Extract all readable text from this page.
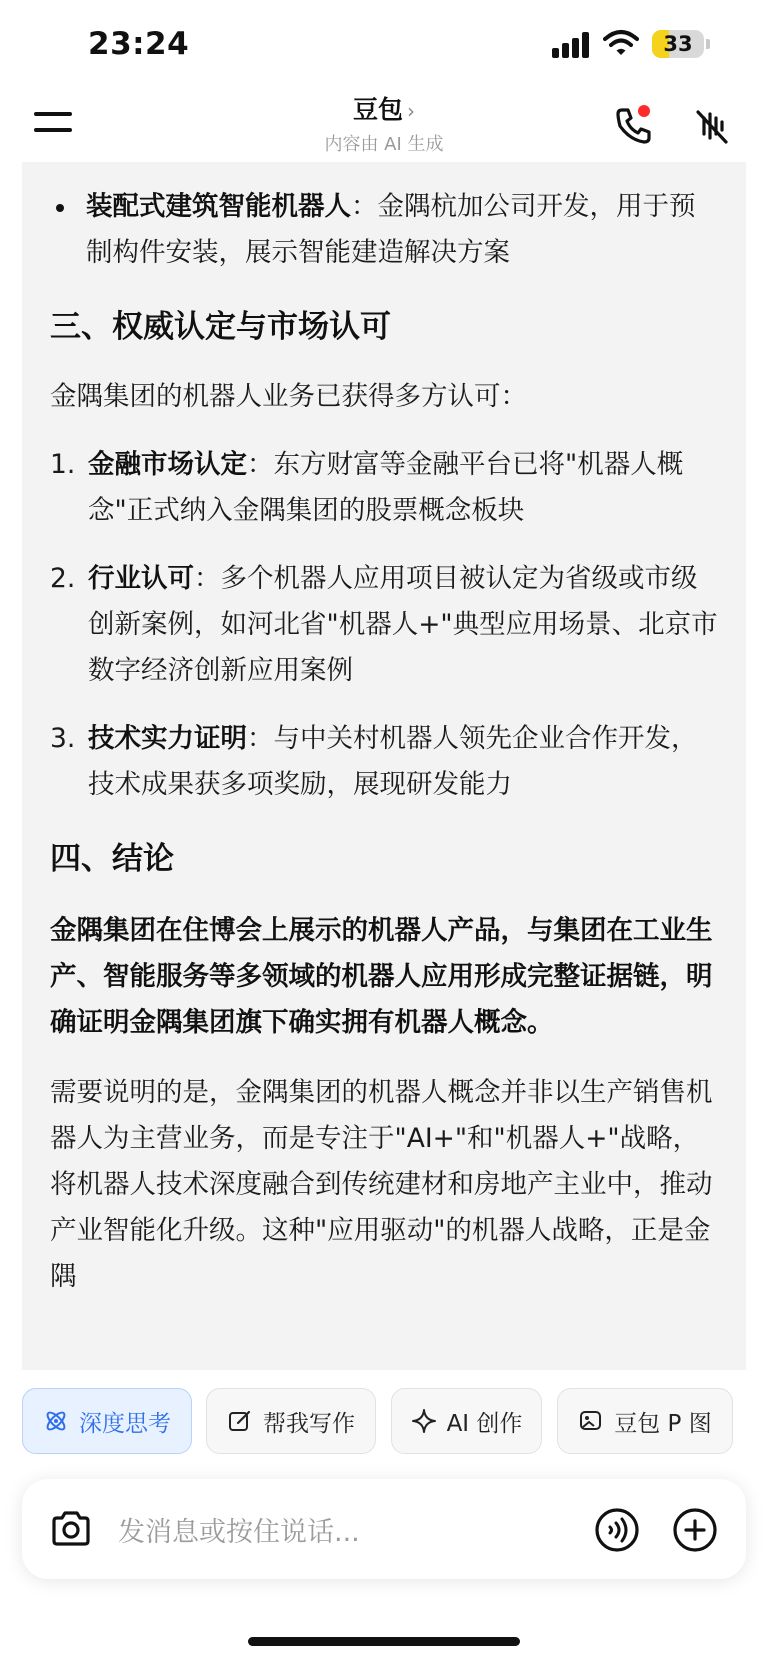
23:24	33
豆包 ›
内容由 AI 生成
装配式建筑智能机器人：金隅杭加公司开发，用于预制构件安装，展示智能建造解决方案
三、权威认定与市场认可
金隅集团的机器人业务已获得多方认可：
1. 金融市场认定：东方财富等金融平台已将"机器人概念"正式纳入金隅集团的股票概念板块
2. 行业认可：多个机器人应用项目被认定为省级或市级创新案例，如河北省"机器人+"典型应用场景、北京市数字经济创新应用案例
3. 技术实力证明：与中关村机器人领先企业合作开发，技术成果获多项奖励，展现研发能力
四、结论
金隅集团在住博会上展示的机器人产品，与集团在工业生产、智能服务等多领域的机器人应用形成完整证据链，明确证明金隅集团旗下确实拥有机器人概念。
需要说明的是，金隅集团的机器人概念并非以生产销售机器人为主营业务，而是专注于"AI+"和"机器人+"战略，将机器人技术深度融合到传统建材和房地产主业中，推动产业智能化升级。这种"应用驱动"的机器人战略，正是金隅
深度思考	帮我写作	AI 创作	豆包 P 图
发消息或按住说话...
